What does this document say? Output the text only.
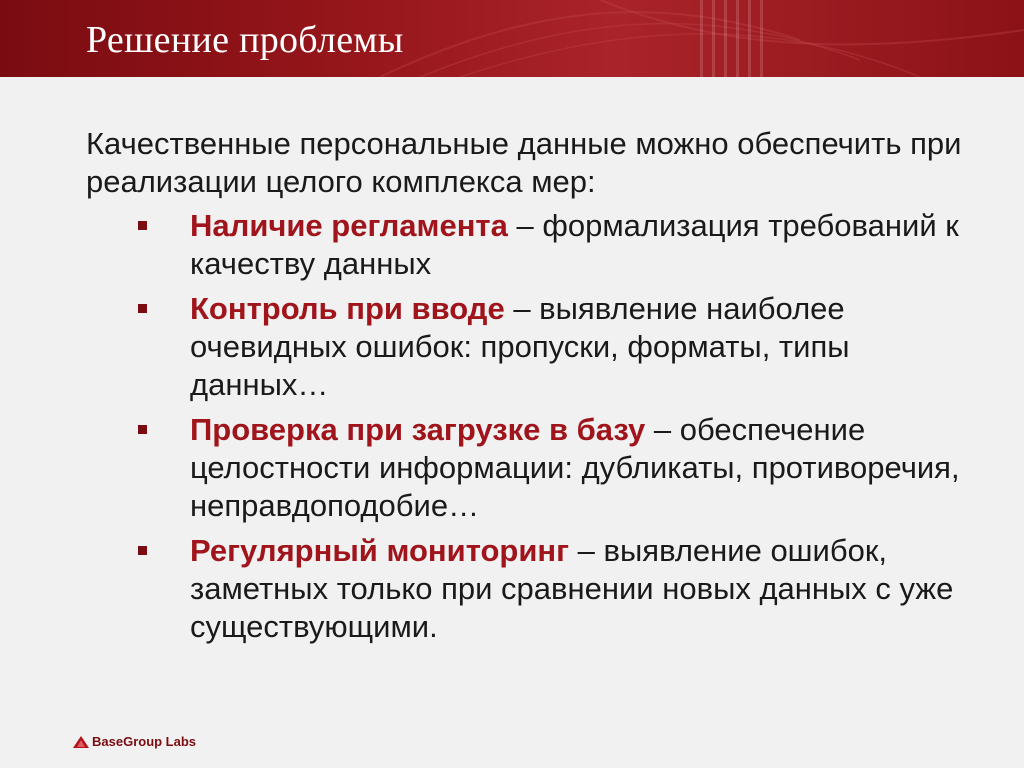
Решение проблемы

Качественные персональные данные можно обеспечить при реализации целого комплекса мер:

Наличие регламента – формализация требований к качеству данных
Контроль при вводе – выявление наиболее очевидных ошибок: пропуски, форматы, типы данных…
Проверка при загрузке в базу – обеспечение целостности информации: дубликаты, противоречия, неправдоподобие…
Регулярный мониторинг – выявление ошибок, заметных только при сравнении новых данных с уже существующими.
BaseGroup Labs
